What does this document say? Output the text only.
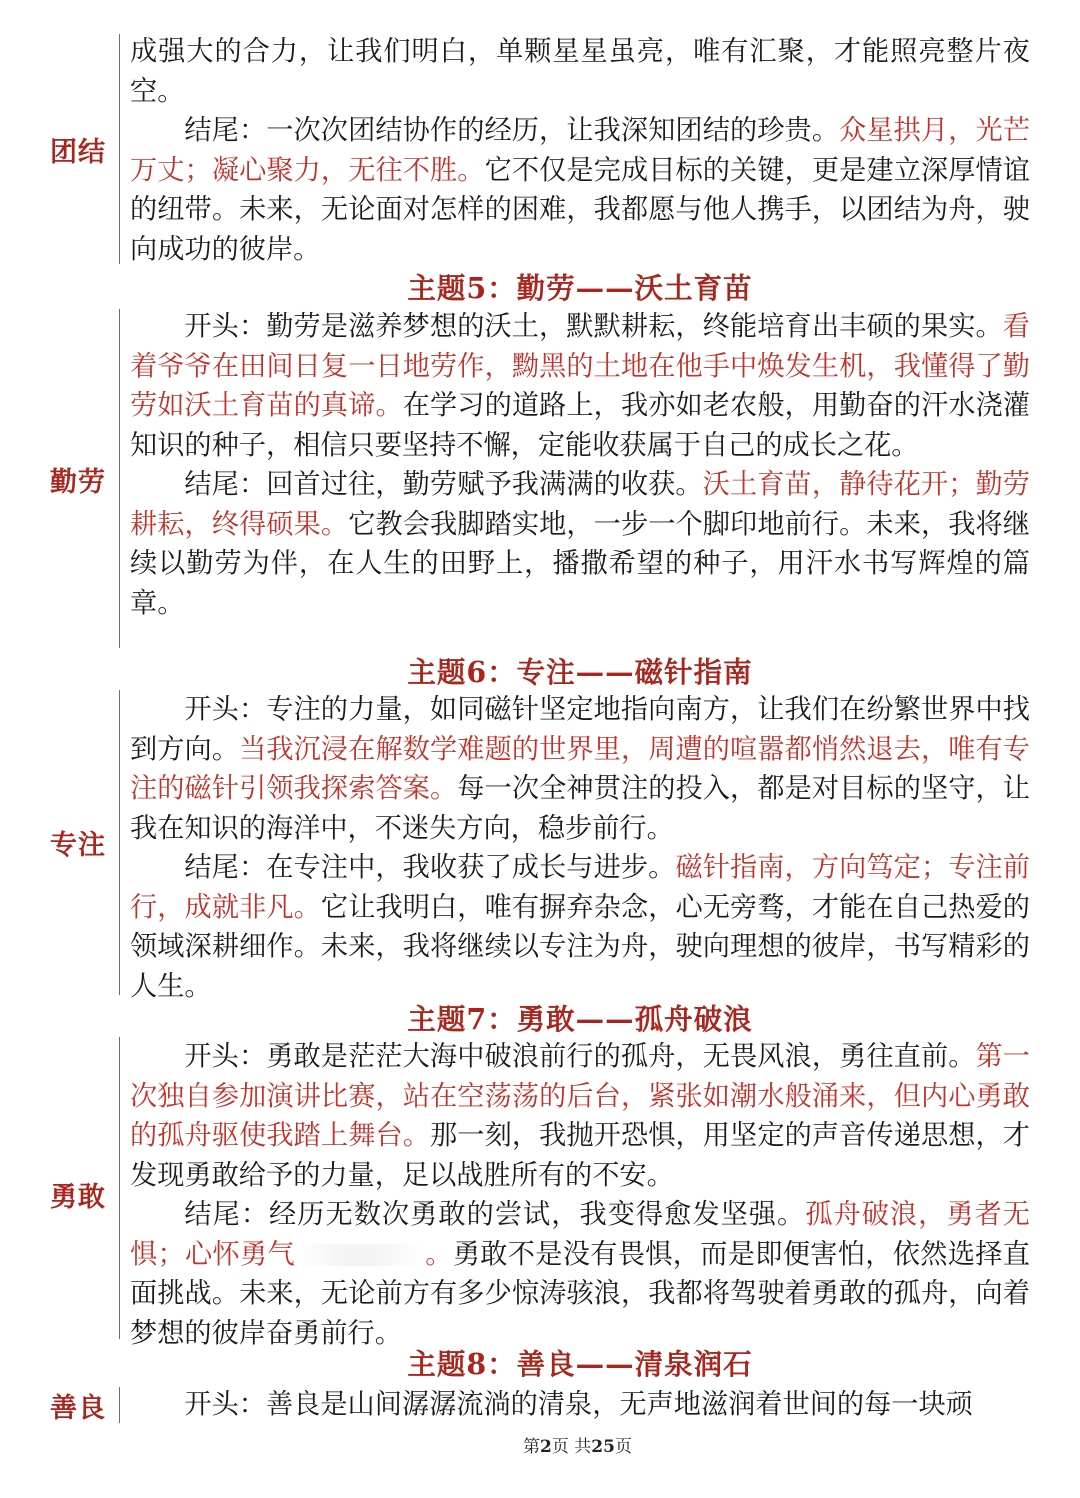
团结

成强大的合力，让我们明白，单颗星星虽亮，唯有汇聚，才能照亮整片夜空。

结尾：一次次团结协作的经历，让我深知团结的珍贵。众星拱月，光芒万丈；凝心聚力，无往不胜。它不仅是完成目标的关键，更是建立深厚情谊的纽带。未来，无论面对怎样的困难，我都愿与他人携手，以团结为舟，驶向成功的彼岸。

主题5：勤劳——沃土育苗
勤劳

开头：勤劳是滋养梦想的沃土，默默耕耘，终能培育出丰硕的果实。看着爷爷在田间日复一日地劳作，黝黑的土地在他手中焕发生机，我懂得了勤劳如沃土育苗的真谛。在学习的道路上，我亦如老农般，用勤奋的汗水浇灌知识的种子，相信只要坚持不懈，定能收获属于自己的成长之花。

结尾：回首过往，勤劳赋予我满满的收获。沃土育苗，静待花开；勤劳耕耘，终得硕果。它教会我脚踏实地，一步一个脚印地前行。未来，我将继续以勤劳为伴，在人生的田野上，播撒希望的种子，用汗水书写辉煌的篇章。

主题6：专注——磁针指南
专注

开头：专注的力量，如同磁针坚定地指向南方，让我们在纷繁世界中找到方向。当我沉浸在解数学难题的世界里，周遭的喧嚣都悄然退去，唯有专注的磁针引领我探索答案。每一次全神贯注的投入，都是对目标的坚守，让我在知识的海洋中，不迷失方向，稳步前行。

结尾：在专注中，我收获了成长与进步。磁针指南，方向笃定；专注前行，成就非凡。它让我明白，唯有摒弃杂念，心无旁骛，才能在自己热爱的领域深耕细作。未来，我将继续以专注为舟，驶向理想的彼岸，书写精彩的人生。

主题7：勇敢——孤舟破浪
勇敢

开头：勇敢是茫茫大海中破浪前行的孤舟，无畏风浪，勇往直前。第一次独自参加演讲比赛，站在空荡荡的后台，紧张如潮水般涌来，但内心勇敢的孤舟驱使我踏上舞台。那一刻，我抛开恐惧，用坚定的声音传递思想，才发现勇敢给予的力量，足以战胜所有的不安。

结尾：经历无数次勇敢的尝试，我变得愈发坚强。孤舟破浪，勇者无惧；心怀勇气	。勇敢不是没有畏惧，而是即便害怕，依然选择直面挑战。未来，无论前方有多少惊涛骇浪，我都将驾驶着勇敢的孤舟，向着梦想的彼岸奋勇前行。

主题8：善良——清泉润石
善良	开头：善良是山间潺潺流淌的清泉，无声地滋润着世间的每一块顽

第2页 共25页
